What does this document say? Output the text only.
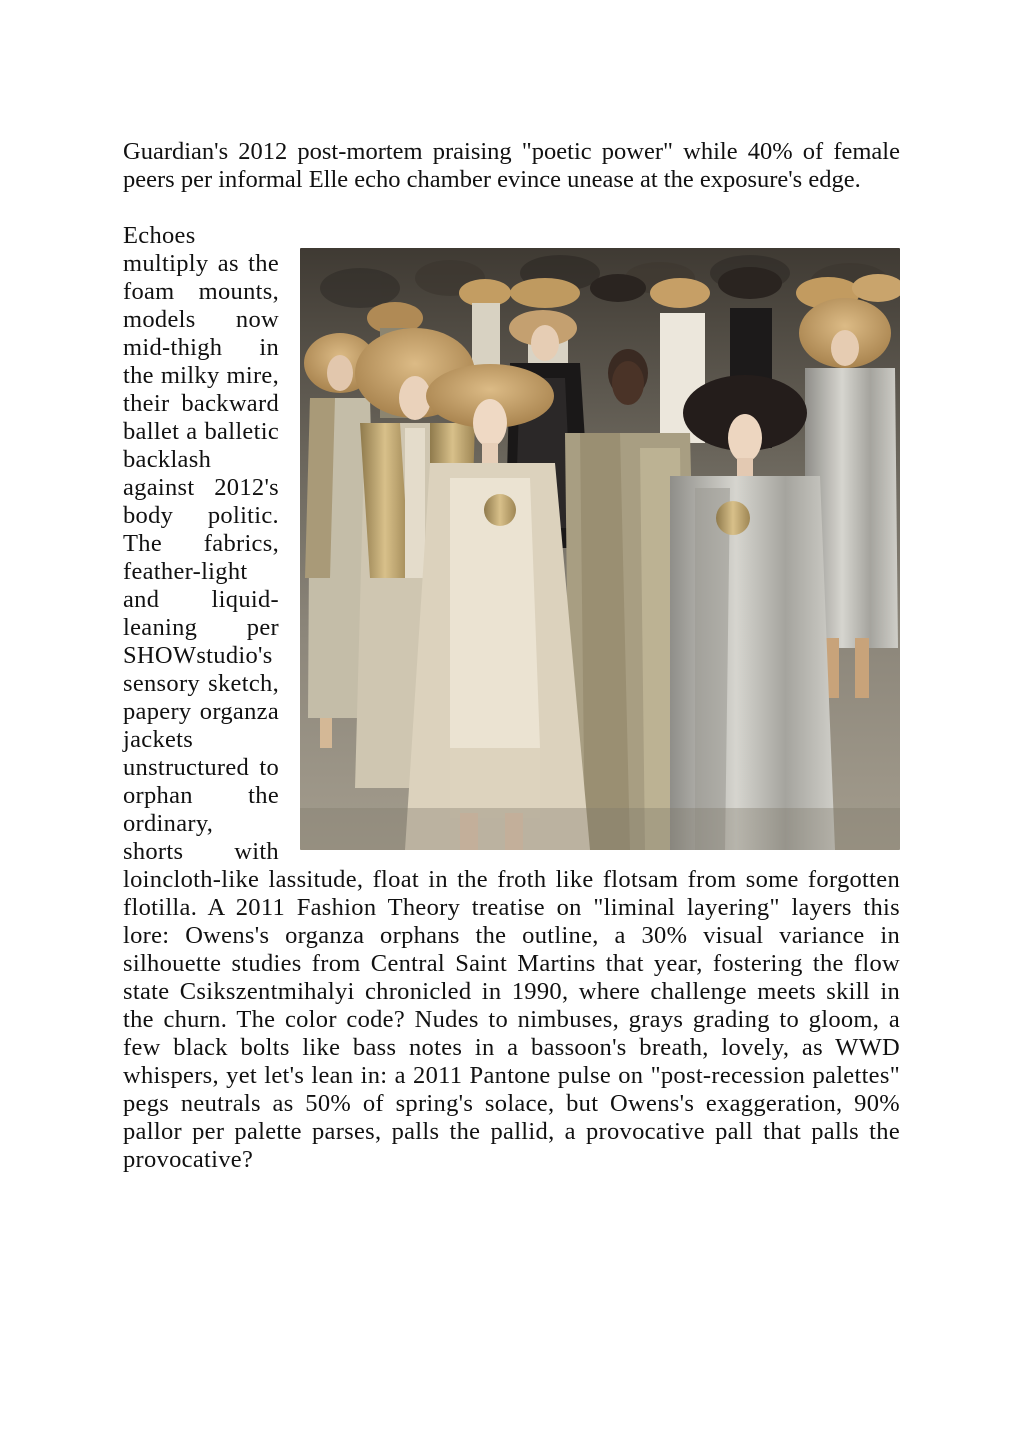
Guardian's 2012 post-mortem praising "poetic power" while 40% of female peers per informal Elle echo chamber evince unease at the exposure's edge.

Echoes multiply as the foam mounts, models now mid-thigh in the milky mire, their backward ballet a balletic backlash against 2012's body politic. The fabrics, feather-light and liquid-leaning per SHOWstudio's sensory sketch, papery organza jackets unstructured to orphan the ordinary, shorts with loincloth-like lassitude, float in the froth like flotsam from some forgotten flotilla. A 2011 Fashion Theory treatise on "liminal layering" layers this lore: Owens's organza orphans the outline, a 30% visual variance in silhouette studies from Central Saint Martins that year, fostering the flow state Csikszentmihalyi chronicled in 1990, where challenge meets skill in the churn. The color code? Nudes to nimbuses, grays grading to gloom, a few black bolts like bass notes in a bassoon's breath, lovely, as WWD whispers, yet let's lean in: a 2011 Pantone pulse on "post-recession palettes" pegs neutrals as 50% of spring's solace, but Owens's exaggeration, 90% pallor per palette parses, palls the pallid, a provocative pall that palls the provocative?
